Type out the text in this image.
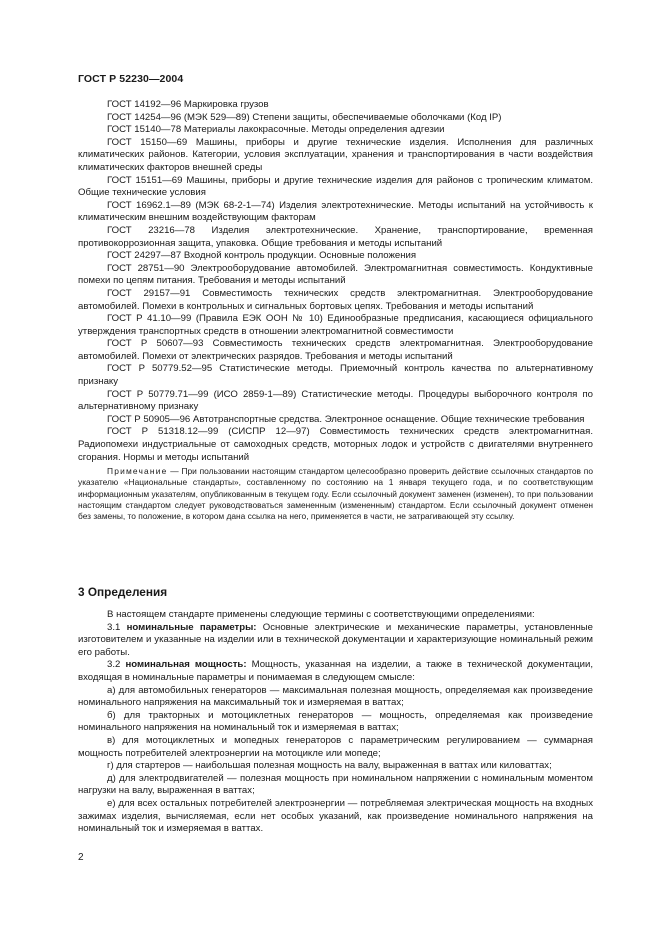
ГОСТ Р 52230—2004

ГОСТ 14192—96 Маркировка грузов

ГОСТ 14254—96 (МЭК 529—89) Степени защиты, обеспечиваемые оболочками (Код IP)

ГОСТ 15140—78 Материалы лакокрасочные. Методы определения адгезии

ГОСТ 15150—69 Машины, приборы и другие технические изделия. Исполнения для различных климатических районов. Категории, условия эксплуатации, хранения и транспортирования в части воздействия климатических факторов внешней среды

ГОСТ 15151—69 Машины, приборы и другие технические изделия для районов с тропическим климатом. Общие технические условия

ГОСТ 16962.1—89 (МЭК 68-2-1—74) Изделия электротехнические. Методы испытаний на устойчивость к климатическим внешним воздействующим факторам

ГОСТ 23216—78 Изделия электротехнические. Хранение, транспортирование, временная противокоррозионная защита, упаковка. Общие требования и методы испытаний

ГОСТ 24297—87 Входной контроль продукции. Основные положения

ГОСТ 28751—90 Электрооборудование автомобилей. Электромагнитная совместимость. Кондуктивные помехи по цепям питания. Требования и методы испытаний

ГОСТ 29157—91 Совместимость технических средств электромагнитная. Электрооборудование автомобилей. Помехи в контрольных и сигнальных бортовых цепях. Требования и методы испытаний

ГОСТ Р 41.10—99 (Правила ЕЭК ООН № 10) Единообразные предписания, касающиеся официального утверждения транспортных средств в отношении электромагнитной совместимости

ГОСТ Р 50607—93 Совместимость технических средств электромагнитная. Электрооборудование автомобилей. Помехи от электрических разрядов. Требования и методы испытаний

ГОСТ Р 50779.52—95 Статистические методы. Приемочный контроль качества по альтернативному признаку

ГОСТ Р 50779.71—99 (ИСО 2859-1—89) Статистические методы. Процедуры выборочного контроля по альтернативному признаку

ГОСТ Р 50905—96 Автотранспортные средства. Электронное оснащение. Общие технические требования

ГОСТ Р 51318.12—99 (СИСПР 12—97) Совместимость технических средств электромагнитная. Радиопомехи индустриальные от самоходных средств, моторных лодок и устройств с двигателями внутреннего сгорания. Нормы и методы испытаний

Примечание — При пользовании настоящим стандартом целесообразно проверить действие ссылочных стандартов по указателю «Национальные стандарты», составленному по состоянию на 1 января текущего года, и по соответствующим информационным указателям, опубликованным в текущем году. Если ссылочный документ заменен (изменен), то при пользовании настоящим стандартом следует руководствоваться замененным (измененным) стандартом. Если ссылочный документ отменен без замены, то положение, в котором дана ссылка на него, применяется в части, не затрагивающей эту ссылку.

3 Определения

В настоящем стандарте применены следующие термины с соответствующими определениями:

3.1 номинальные параметры: Основные электрические и механические параметры, установленные изготовителем и указанные на изделии или в технической документации и характеризующие номинальный режим его работы.

3.2 номинальная мощность: Мощность, указанная на изделии, а также в технической документации, входящая в номинальные параметры и понимаемая в следующем смысле:

а) для автомобильных генераторов — максимальная полезная мощность, определяемая как произведение номинального напряжения на максимальный ток и измеряемая в ваттах;

б) для тракторных и мотоциклетных генераторов — мощность, определяемая как произведение номинального напряжения на номинальный ток и измеряемая в ваттах;

в) для мотоциклетных и мопедных генераторов с параметрическим регулированием — суммарная мощность потребителей электроэнергии на мотоцикле или мопеде;

г) для стартеров — наибольшая полезная мощность на валу, выраженная в ваттах или киловаттах;

д) для электродвигателей — полезная мощность при номинальном напряжении с номинальным моментом нагрузки на валу, выраженная в ваттах;

е) для всех остальных потребителей электроэнергии — потребляемая электрическая мощность на входных зажимах изделия, вычисляемая, если нет особых указаний, как произведение номинального напряжения на номинальный ток и измеряемая в ваттах.

2
